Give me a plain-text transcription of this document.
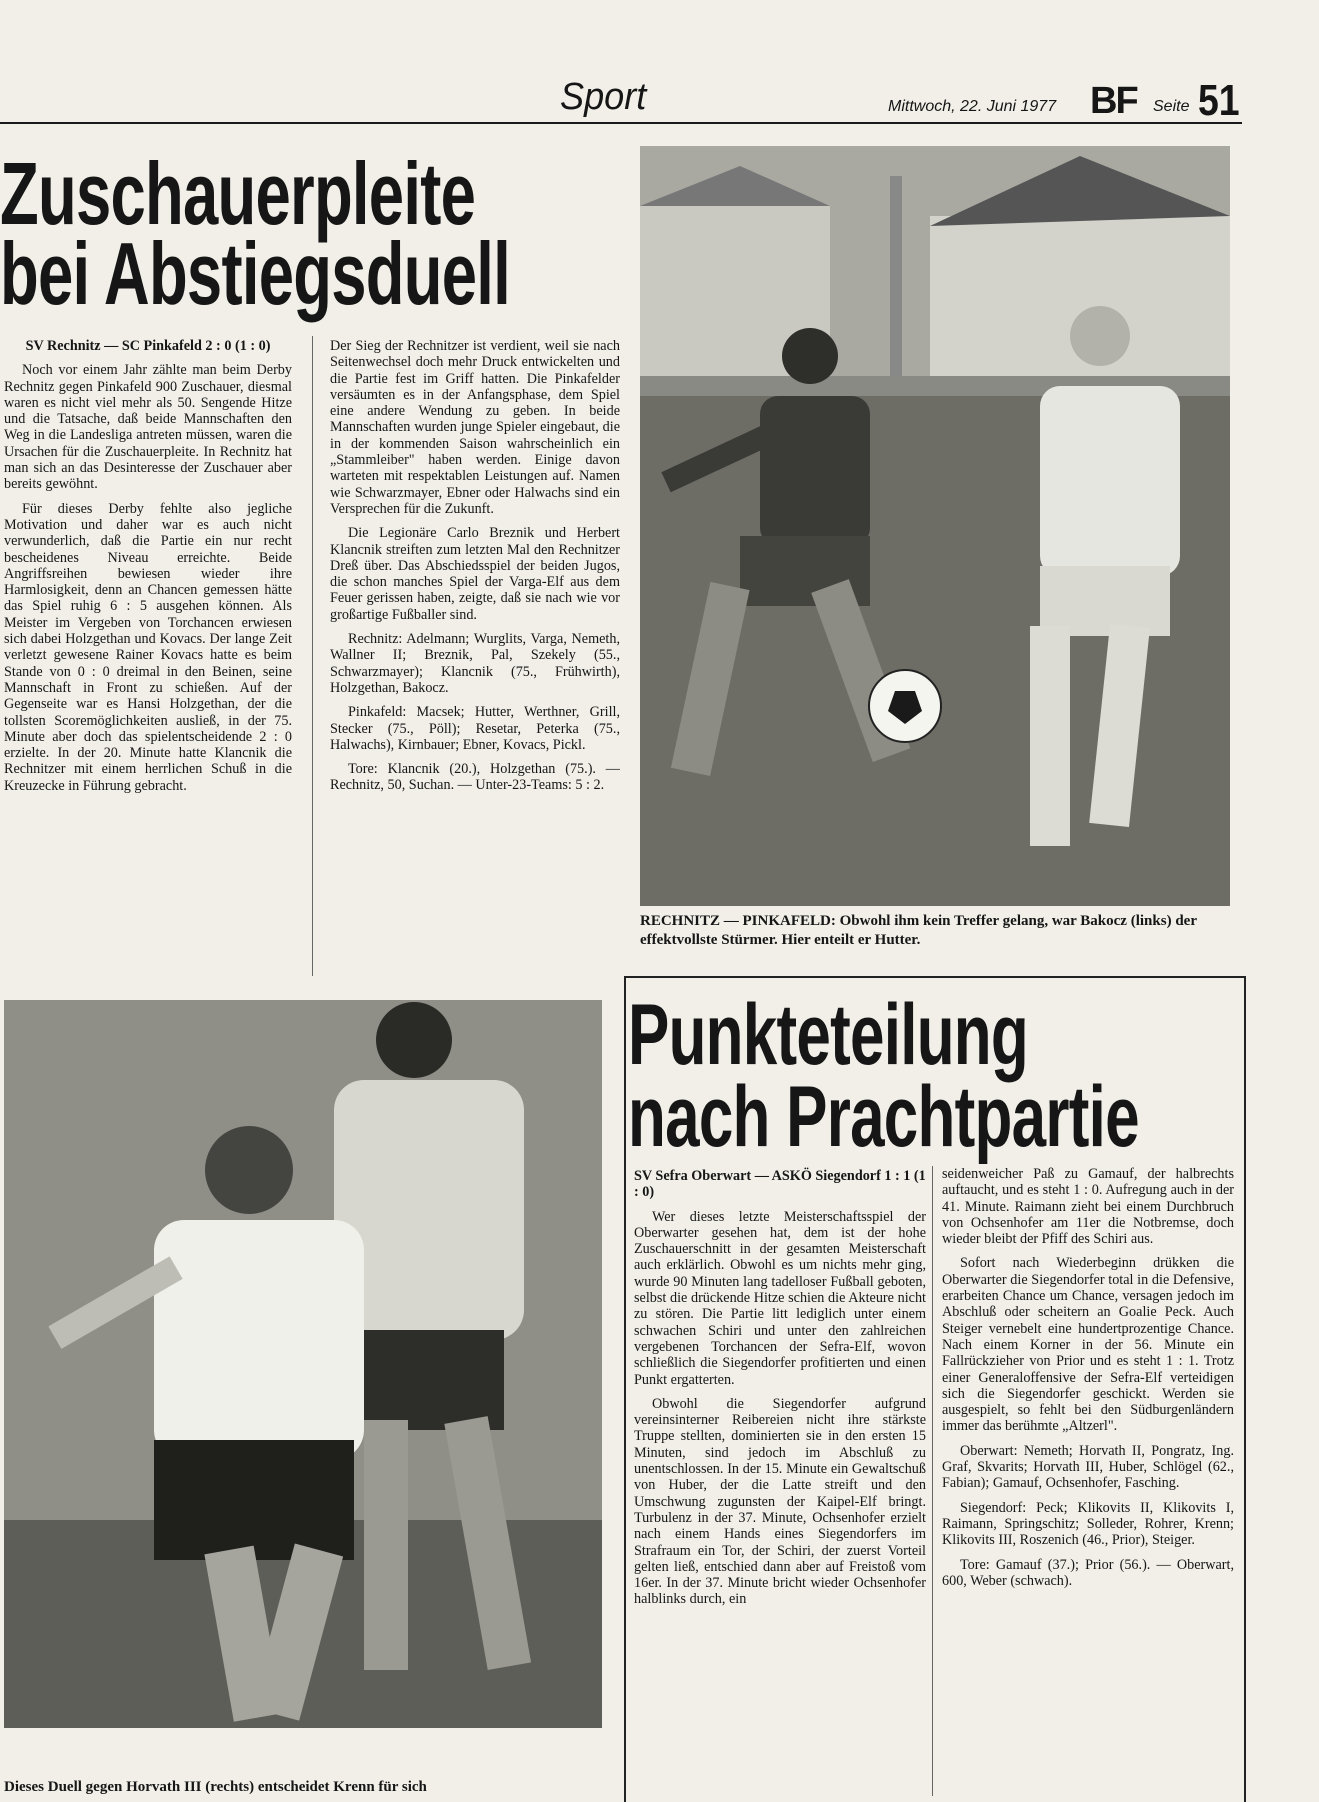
Sport	Mittwoch, 22. Juni 1977 BF Seite 51
Zuschauerpleite
bei Abstiegsduell

SV Rechnitz — SC Pinkafeld 2 : 0 (1 : 0)

Noch vor einem Jahr zählte man beim Derby Rechnitz gegen Pinkafeld 900 Zuschauer, diesmal waren es nicht viel mehr als 50. Sengende Hitze und die Tatsache, daß beide Mannschaften den Weg in die Landesliga antreten müssen, waren die Ursachen für die Zuschauerpleite. In Rechnitz hat man sich an das Desinteresse der Zuschauer aber bereits gewöhnt.

Für dieses Derby fehlte also jegliche Motivation und daher war es auch nicht verwunderlich, daß die Partie ein nur recht bescheidenes Niveau erreichte. Beide Angriffsreihen bewiesen wieder ihre Harmlosigkeit, denn an Chancen gemessen hätte das Spiel ruhig 6 : 5 ausgehen können. Als Meister im Vergeben von Torchancen erwiesen sich dabei Holzgethan und Kovacs. Der lange Zeit verletzt gewesene Rainer Kovacs hatte es beim Stande von 0 : 0 dreimal in den Beinen, seine Mannschaft in Front zu schießen. Auf der Gegenseite war es Hansi Holzgethan, der die tollsten Scoremöglichkeiten ausließ, in der 75. Minute aber doch das spielentscheidende 2 : 0 erzielte. In der 20. Minute hatte Klancnik die Rechnitzer mit einem herrlichen Schuß in die Kreuzecke in Führung gebracht.

Der Sieg der Rechnitzer ist verdient, weil sie nach Seitenwechsel doch mehr Druck entwickelten und die Partie fest im Griff hatten. Die Pinkafelder versäumten es in der Anfangsphase, dem Spiel eine andere Wendung zu geben. In beide Mannschaften wurden junge Spieler eingebaut, die in der kommenden Saison wahrscheinlich ein „Stammleiber" haben werden. Einige davon warteten mit respektablen Leistungen auf. Namen wie Schwarzmayer, Ebner oder Halwachs sind ein Versprechen für die Zukunft.

Die Legionäre Carlo Breznik und Herbert Klancnik streiften zum letzten Mal den Rechnitzer Dreß über. Das Abschiedsspiel der beiden Jugos, die schon manches Spiel der Varga-Elf aus dem Feuer gerissen haben, zeigte, daß sie nach wie vor großartige Fußballer sind.

Rechnitz: Adelmann; Wurglits, Varga, Nemeth, Wallner II; Breznik, Pal, Szekely (55., Schwarzmayer); Klancnik (75., Frühwirth), Holzgethan, Bakocz.

Pinkafeld: Macsek; Hutter, Werthner, Grill, Stecker (75., Pöll); Resetar, Peterka (75., Halwachs), Kirnbauer; Ebner, Kovacs, Pickl.

Tore: Klancnik (20.), Holzgethan (75.). — Rechnitz, 50, Suchan. — Unter-23-Teams: 5 : 2.

RECHNITZ — PINKAFELD: Obwohl ihm kein Treffer gelang, war Bakocz (links) der effektvollste Stürmer. Hier enteilt er Hutter.
Punkteteilung
nach Prachtpartie
Dieses Duell gegen Horvath III (rechts) entscheidet Krenn für sich

SV Sefra Oberwart — ASKÖ Siegendorf 1 : 1 (1 : 0)

Wer dieses letzte Meisterschaftsspiel der Oberwarter gesehen hat, dem ist der hohe Zuschauerschnitt in der gesamten Meisterschaft auch erklärlich. Obwohl es um nichts mehr ging, wurde 90 Minuten lang tadelloser Fußball geboten, selbst die drückende Hitze schien die Akteure nicht zu stören. Die Partie litt lediglich unter einem schwachen Schiri und unter den zahlreichen vergebenen Torchancen der Sefra-Elf, wovon schließlich die Siegendorfer profitierten und einen Punkt ergatterten.

Obwohl die Siegendorfer aufgrund vereinsinterner Reibereien nicht ihre stärkste Truppe stellten, dominierten sie in den ersten 15 Minuten, sind jedoch im Abschluß zu unentschlossen. In der 15. Minute ein Gewaltschuß von Huber, der die Latte streift und den Umschwung zugunsten der Kaipel-Elf bringt. Turbulenz in der 37. Minute, Ochsenhofer erzielt nach einem Hands eines Siegendorfers im Strafraum ein Tor, der Schiri, der zuerst Vorteil gelten ließ, entschied dann aber auf Freistoß vom 16er. In der 37. Minute bricht wieder Ochsenhofer halblinks durch, ein

seidenweicher Paß zu Gamauf, der halbrechts auftaucht, und es steht 1 : 0. Aufregung auch in der 41. Minute. Raimann zieht bei einem Durchbruch von Ochsenhofer am 11er die Notbremse, doch wieder bleibt der Pfiff des Schiri aus.

Sofort nach Wiederbeginn drükken die Oberwarter die Siegendorfer total in die Defensive, erarbeiten Chance um Chance, versagen jedoch im Abschluß oder scheitern an Goalie Peck. Auch Steiger vernebelt eine hundertprozentige Chance. Nach einem Korner in der 56. Minute ein Fallrückzieher von Prior und es steht 1 : 1. Trotz einer Generaloffensive der Sefra-Elf verteidigen sich die Siegendorfer geschickt. Werden sie ausgespielt, so fehlt bei den Südburgenländern immer das berühmte „Altzerl".

Oberwart: Nemeth; Horvath II, Pongratz, Ing. Graf, Skvarits; Horvath III, Huber, Schlögel (62., Fabian); Gamauf, Ochsenhofer, Fasching.

Siegendorf: Peck; Klikovits II, Klikovits I, Raimann, Springschitz; Solleder, Rohrer, Krenn; Klikovits III, Roszenich (46., Prior), Steiger.

Tore: Gamauf (37.); Prior (56.). — Oberwart, 600, Weber (schwach).
